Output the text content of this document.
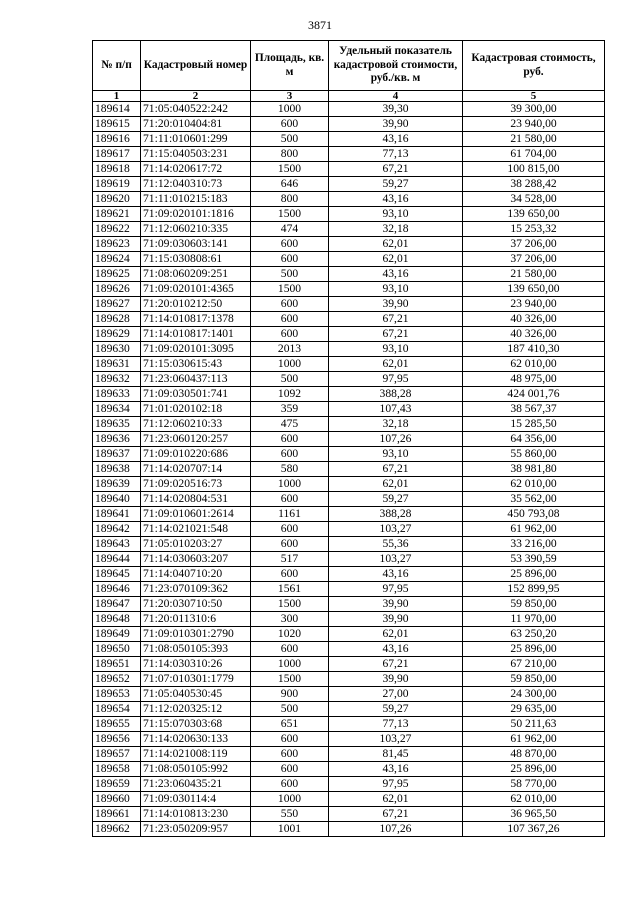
3871
№ п/п	Кадастровый номер	Площадь, кв. м	Удельный показатель кадастровой стоимости, руб./кв. м	Кадастровая стоимость, руб.
1	2	3	4	5
189614	71:05:040522:242	1000	39,30	39 300,00
189615	71:20:010404:81	600	39,90	23 940,00
189616	71:11:010601:299	500	43,16	21 580,00
189617	71:15:040503:231	800	77,13	61 704,00
189618	71:14:020617:72	1500	67,21	100 815,00
189619	71:12:040310:73	646	59,27	38 288,42
189620	71:11:010215:183	800	43,16	34 528,00
189621	71:09:020101:1816	1500	93,10	139 650,00
189622	71:12:060210:335	474	32,18	15 253,32
189623	71:09:030603:141	600	62,01	37 206,00
189624	71:15:030808:61	600	62,01	37 206,00
189625	71:08:060209:251	500	43,16	21 580,00
189626	71:09:020101:4365	1500	93,10	139 650,00
189627	71:20:010212:50	600	39,90	23 940,00
189628	71:14:010817:1378	600	67,21	40 326,00
189629	71:14:010817:1401	600	67,21	40 326,00
189630	71:09:020101:3095	2013	93,10	187 410,30
189631	71:15:030615:43	1000	62,01	62 010,00
189632	71:23:060437:113	500	97,95	48 975,00
189633	71:09:030501:741	1092	388,28	424 001,76
189634	71:01:020102:18	359	107,43	38 567,37
189635	71:12:060210:33	475	32,18	15 285,50
189636	71:23:060120:257	600	107,26	64 356,00
189637	71:09:010220:686	600	93,10	55 860,00
189638	71:14:020707:14	580	67,21	38 981,80
189639	71:09:020516:73	1000	62,01	62 010,00
189640	71:14:020804:531	600	59,27	35 562,00
189641	71:09:010601:2614	1161	388,28	450 793,08
189642	71:14:021021:548	600	103,27	61 962,00
189643	71:05:010203:27	600	55,36	33 216,00
189644	71:14:030603:207	517	103,27	53 390,59
189645	71:14:040710:20	600	43,16	25 896,00
189646	71:23:070109:362	1561	97,95	152 899,95
189647	71:20:030710:50	1500	39,90	59 850,00
189648	71:20:011310:6	300	39,90	11 970,00
189649	71:09:010301:2790	1020	62,01	63 250,20
189650	71:08:050105:393	600	43,16	25 896,00
189651	71:14:030310:26	1000	67,21	67 210,00
189652	71:07:010301:1779	1500	39,90	59 850,00
189653	71:05:040530:45	900	27,00	24 300,00
189654	71:12:020325:12	500	59,27	29 635,00
189655	71:15:070303:68	651	77,13	50 211,63
189656	71:14:020630:133	600	103,27	61 962,00
189657	71:14:021008:119	600	81,45	48 870,00
189658	71:08:050105:992	600	43,16	25 896,00
189659	71:23:060435:21	600	97,95	58 770,00
189660	71:09:030114:4	1000	62,01	62 010,00
189661	71:14:010813:230	550	67,21	36 965,50
189662	71:23:050209:957	1001	107,26	107 367,26
